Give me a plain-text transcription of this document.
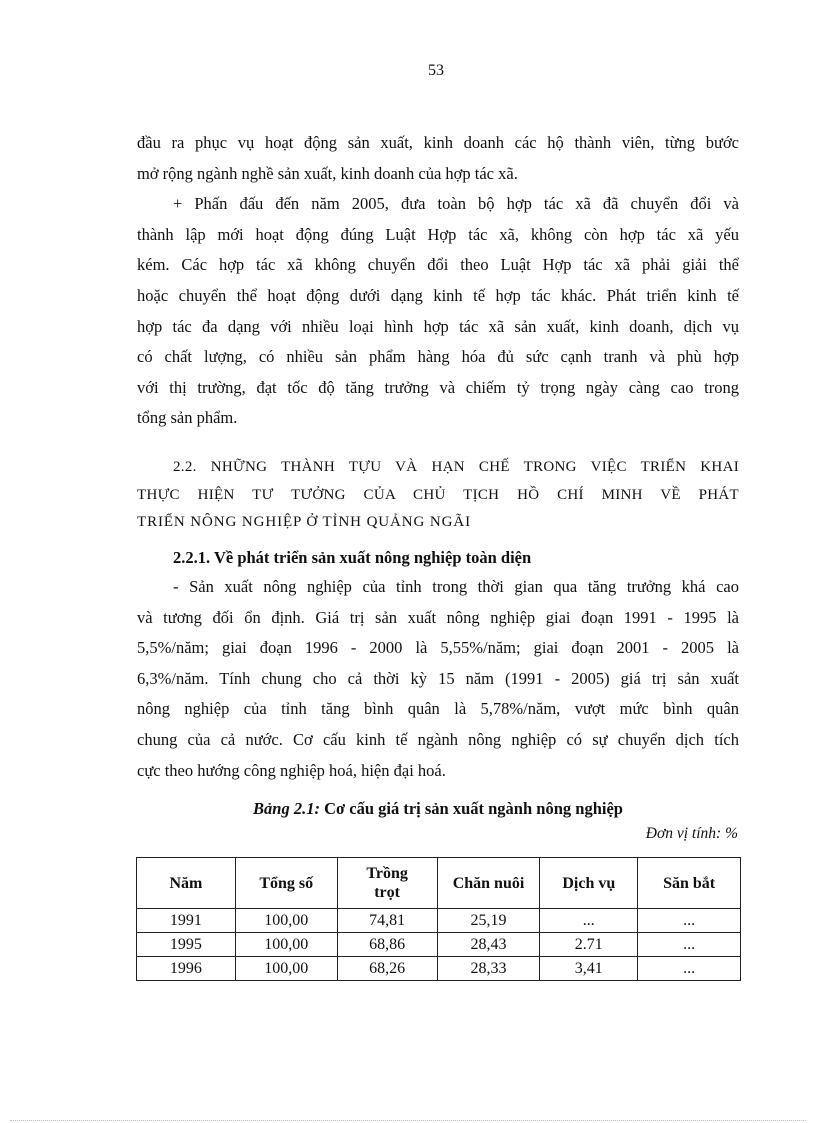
53

đầu ra phục vụ hoạt động sản xuất, kinh doanh các hộ thành viên, từng bước

mở rộng ngành nghề sản xuất, kinh doanh của hợp tác xã.

+ Phấn đấu đến năm 2005, đưa toàn bộ hợp tác xã đã chuyển đổi và

thành lập mới hoạt động đúng Luật Hợp tác xã, không còn hợp tác xã yếu

kém. Các hợp tác xã không chuyển đổi theo Luật Hợp tác xã phải giải thể

hoặc chuyển thể hoạt động dưới dạng kinh tế hợp tác khác. Phát triển kinh tế

hợp tác đa dạng với nhiều loại hình hợp tác xã sản xuất, kinh doanh, dịch vụ

có chất lượng, có nhiều sản phẩm hàng hóa đủ sức cạnh tranh và phù hợp

với thị trường, đạt tốc độ tăng trưởng và chiếm tỷ trọng ngày càng cao trong

tổng sản phẩm.

2.2. NHỮNG THÀNH TỰU VÀ HẠN CHẾ TRONG VIỆC TRIỂN KHAI
THỰC HIỆN TƯ TƯỞNG CỦA CHỦ TỊCH HỒ CHÍ MINH VỀ PHÁT
TRIỂN NÔNG NGHIỆP Ở TỈNH QUẢNG NGÃI
2.2.1. Về phát triển sản xuất nông nghiệp toàn diện

- Sản xuất nông nghiệp của tỉnh trong thời gian qua tăng trưởng khá cao

và tương đối ổn định. Giá trị sản xuất nông nghiệp giai đoạn 1991 - 1995 là

5,5%/năm; giai đoạn 1996 - 2000 là 5,55%/năm; giai đoạn 2001 - 2005 là

6,3%/năm. Tính chung cho cả thời kỳ 15 năm (1991 - 2005) giá trị sản xuất

nông nghiệp của tỉnh tăng bình quân là 5,78%/năm, vượt mức bình quân

chung của cả nước. Cơ cấu kinh tế ngành nông nghiệp có sự chuyển dịch tích

cực theo hướng công nghiệp hoá, hiện đại hoá.

Bảng 2.1: Cơ cấu giá trị sản xuất ngành nông nghiệp
Đơn vị tính: %
Năm	Tổng số	Trồng trọt	Chăn nuôi	Dịch vụ	Săn bắt
1991	100,00	74,81	25,19	...	...
1995	100,00	68,86	28,43	2.71	...
1996	100,00	68,26	28,33	3,41	...
